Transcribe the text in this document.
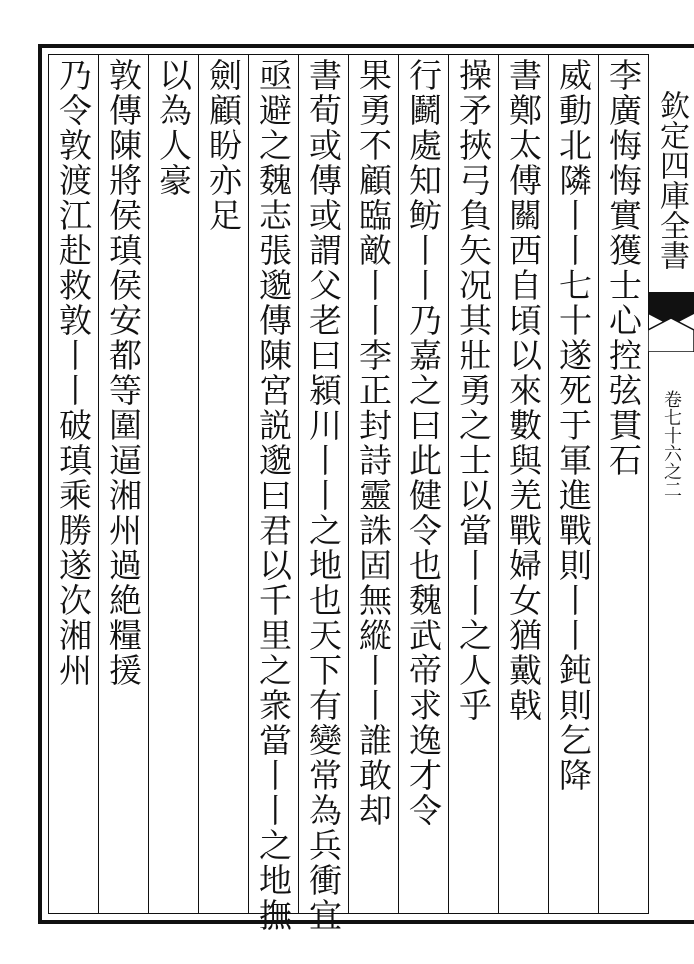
欽定四庫全書
卷七十六之二
李廣悔悔實獲士心控弦貫石
威動北隣丨丨七十遂死于軍進戰則丨丨鈍則乞降
書鄭太傅關西自頃以來數與羌戰婦女猶戴戟
操矛挾弓負矢况其壯勇之士以當丨丨之人乎
行鬬處知鲂丨丨乃嘉之曰此健令也魏武帝求逸才令
果勇不顧臨敵丨丨李正封詩靈誅固無縱丨丨誰敢却
書荀或傳或謂父老曰潁川丨丨之地也天下有變常為兵衝宜
亟避之魏志張邈傳陳宮説邈曰君以千里之衆當丨丨之地撫
劍顧盼亦足
以為人豪
敦傳陳將侯瑱侯安都等圍逼湘州過絶糧援
乃令敦渡江赴救敦丨丨破瑱乘勝遂次湘州
